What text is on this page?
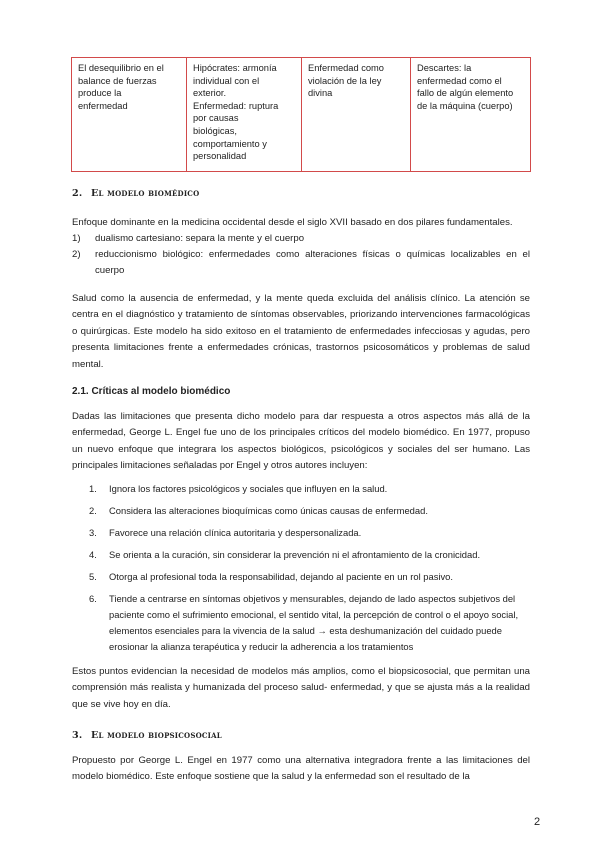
El desequilibrio en el
balance de fuerzas
produce la
enfermedad

Hipócrates: armonía
individual con el
exterior.
Enfermedad: ruptura
por causas
biológicas,
comportamiento y
personalidad

Enfermedad como
violación de la ley
divina

Descartes: la
enfermedad como el
fallo de algún elemento
de la máquina (cuerpo)
2. El modelo biomédico
Enfoque dominante en la medicina occidental desde el siglo XVII basado en dos pilares fundamentales.
1) dualismo cartesiano: separa la mente y el cuerpo
2) reduccionismo biológico: enfermedades como alteraciones físicas o químicas localizables en el cuerpo
Salud como la ausencia de enfermedad, y la mente queda excluida del análisis clínico. La atención se centra en el diagnóstico y tratamiento de síntomas observables, priorizando intervenciones farmacológicas o quirúrgicas. Este modelo ha sido exitoso en el tratamiento de enfermedades infecciosas y agudas, pero presenta limitaciones frente a enfermedades crónicas, trastornos psicosomáticos y problemas de salud mental.
2.1. Críticas al modelo biomédico
Dadas las limitaciones que presenta dicho modelo para dar respuesta a otros aspectos más allá de la enfermedad, George L. Engel fue uno de los principales críticos del modelo biomédico. En 1977, propuso un nuevo enfoque que integrara los aspectos biológicos, psicológicos y sociales del ser humano. Las principales limitaciones señaladas por Engel y otros autores incluyen:
1. Ignora los factores psicológicos y sociales que influyen en la salud.
2. Considera las alteraciones bioquímicas como únicas causas de enfermedad.
3. Favorece una relación clínica autoritaria y despersonalizada.
4. Se orienta a la curación, sin considerar la prevención ni el afrontamiento de la cronicidad.
5. Otorga al profesional toda la responsabilidad, dejando al paciente en un rol pasivo.
6. Tiende a centrarse en síntomas objetivos y mensurables, dejando de lado aspectos subjetivos del paciente como el sufrimiento emocional, el sentido vital, la percepción de control o el apoyo social, elementos esenciales para la vivencia de la salud → esta deshumanización del cuidado puede erosionar la alianza terapéutica y reducir la adherencia a los tratamientos
Estos puntos evidencian la necesidad de modelos más amplios, como el biopsicosocial, que permitan una comprensión más realista y humanizada del proceso salud- enfermedad, y que se ajusta más a la realidad que se vive hoy en día.
3. El modelo biopsicosocial
Propuesto por George L. Engel en 1977 como una alternativa integradora frente a las limitaciones del modelo biomédico. Este enfoque sostiene que la salud y la enfermedad son el resultado de la
2
